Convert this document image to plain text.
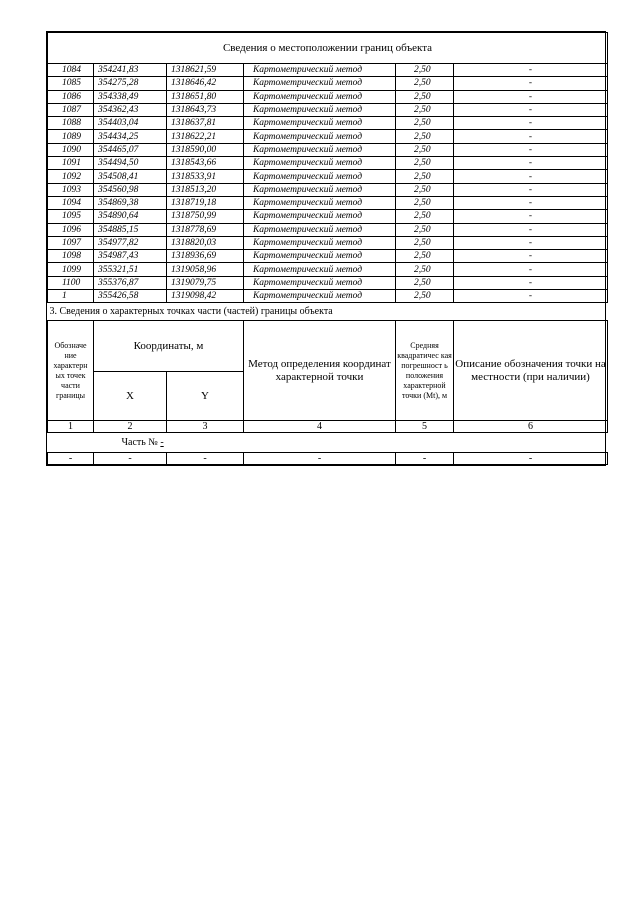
Сведения о местоположении границ объекта					
1084	354241,83	1318621,59	Картометрический метод	2,50	-
1085	354275,28	1318646,42	Картометрический метод	2,50	-
1086	354338,49	1318651,80	Картометрический метод	2,50	-
1087	354362,43	1318643,73	Картометрический метод	2,50	-
1088	354403,04	1318637,81	Картометрический метод	2,50	-
1089	354434,25	1318622,21	Картометрический метод	2,50	-
1090	354465,07	1318590,00	Картометрический метод	2,50	-
1091	354494,50	1318543,66	Картометрический метод	2,50	-
1092	354508,41	1318533,91	Картометрический метод	2,50	-
1093	354560,98	1318513,20	Картометрический метод	2,50	-
1094	354869,38	1318719,18	Картометрический метод	2,50	-
1095	354890,64	1318750,99	Картометрический метод	2,50	-
1096	354885,15	1318778,69	Картометрический метод	2,50	-
1097	354977,82	1318820,03	Картометрический метод	2,50	-
1098	354987,43	1318936,69	Картометрический метод	2,50	-
1099	355321,51	1319058,96	Картометрический метод	2,50	-
1100	355376,87	1319079,75	Картометрический метод	2,50	-
1	355426,58	1319098,42	Картометрический метод	2,50	-
3. Сведения о характерных точках части (частей) границы объекта					
Обозначе ние характерн ых точек части границы	Координаты, м		Метод определения координат характерной точки	Средняя квадратичес кая погрешност ь положения характерной точки (Mt), м	Описание обозначения точки на местности (при наличии)
	X	Y			
1	2	3	4	5	6
Часть № -					
-	-	-	-	-	-
